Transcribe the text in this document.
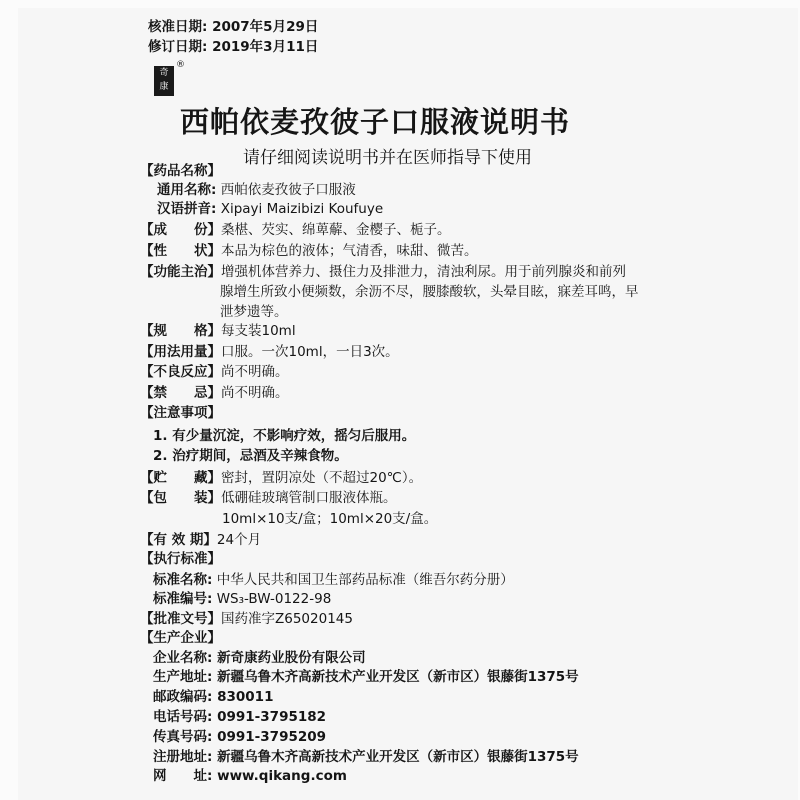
核准日期: 2007年5月29日
修订日期: 2019年3月11日
奇
康
®
西帕依麦孜彼子口服液说明书
请仔细阅读说明书并在医师指导下使用
【药品名称】
通用名称: 西帕依麦孜彼子口服液
汉语拼音: Xipayi Maizibizi Koufuye
【成　　份】桑椹、芡实、绵萆薢、金樱子、栀子。
【性　　状】本品为棕色的液体；气清香，味甜、微苦。
【功能主治】增强机体营养力、摄住力及排泄力，清浊利尿。用于前列腺炎和前列
腺增生所致小便频数，余沥不尽，腰膝酸软，头晕目眩，寐差耳鸣，早
泄梦遗等。
【规　　格】每支装10ml
【用法用量】口服。一次10ml，一日3次。
【不良反应】尚不明确。
【禁　　忌】尚不明确。
【注意事项】
1. 有少量沉淀，不影响疗效，摇匀后服用。
2. 治疗期间，忌酒及辛辣食物。
【贮　　藏】密封，置阴凉处（不超过20℃）。
【包　　装】低硼硅玻璃管制口服液体瓶。
10ml×10支/盒；10ml×20支/盒。
【有 效 期】24个月
【执行标准】
标准名称: 中华人民共和国卫生部药品标准（维吾尔药分册）
标准编号: WS₃-BW-0122-98
【批准文号】国药准字Z65020145
【生产企业】
企业名称: 新奇康药业股份有限公司
生产地址: 新疆乌鲁木齐高新技术产业开发区（新市区）银藤街1375号
邮政编码: 830011
电话号码: 0991-3795182
传真号码: 0991-3795209
注册地址: 新疆乌鲁木齐高新技术产业开发区（新市区）银藤街1375号
网　　址: www.qikang.com
